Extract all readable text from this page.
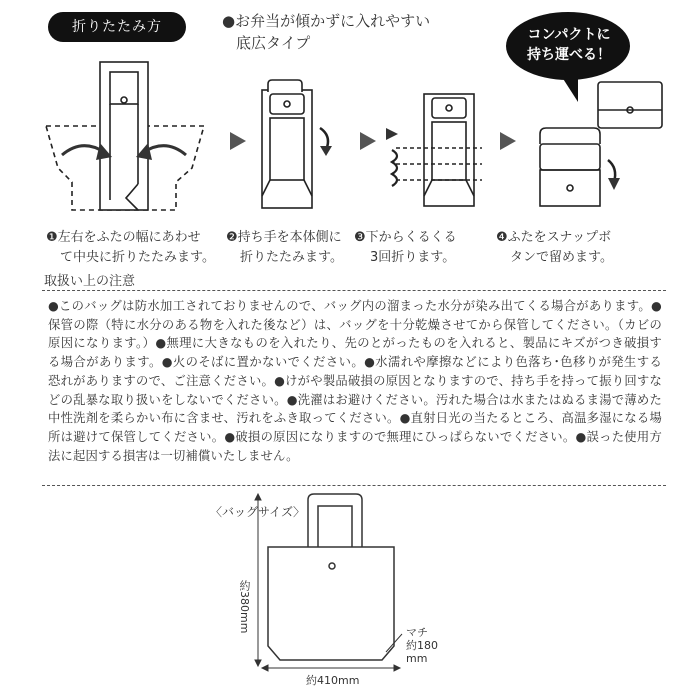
折りたたみ方	●お弁当が傾かずに入れやすい
底広タイプ	コンパクトに
持ち運べる！
❶左右をふたの幅にあわせ
て中央に折りたたみます。
❷持ち手を本体側に
折りたたみます。
❸下からくるくる
3回折ります。
❹ふたをスナップボ
タンで留めます。
取扱い上の注意
●このバッグは防水加工されておりませんので、バッグ内の溜まった水分が染み出てくる場合があります。●保管の際（特に水分のある物を入れた後など）は、バッグを十分乾燥させてから保管してください。（カビの原因になります。）●無理に大きなものを入れたり、先のとがったものを入れると、製品にキズがつき破損する場合があります。●火のそばに置かないでください。●水濡れや摩擦などにより色落ち･色移りが発生する恐れがありますので、ご注意ください。●けがや製品破損の原因となりますので、持ち手を持って振り回すなどの乱暴な取り扱いをしないでください。●洗濯はお避けください。汚れた場合は水またはぬるま湯で薄めた中性洗剤を柔らかい布に含ませ、汚れをふき取ってください。●直射日光の当たるところ、高温多湿になる場所は避けて保管してください。●破損の原因になりますので無理にひっぱらないでください。●誤った使用方法に起因する損害は一切補償いたしません。
〈バッグサイズ〉
約380mm
約410mm
マチ
約180
mm
